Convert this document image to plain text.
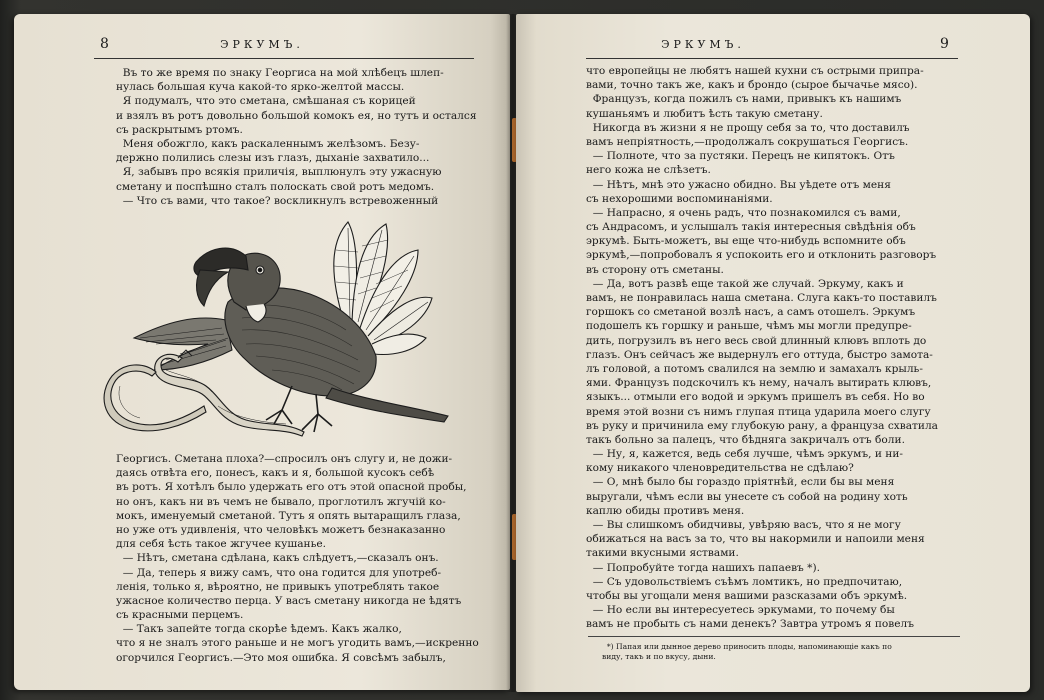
8	ЭРКУМЪ.
Въ то же время по знаку Георгиса на мой хлѣбецъ шлеп-
нулась большая куча какой-то ярко-желтой массы.
Я подумалъ, что это сметана, смѣшаная съ корицей
и взялъ въ ротъ довольно большой комокъ ея, но тутъ и остался
съ раскрытымъ ртомъ.
Меня обожгло, какъ раскаленнымъ желѣзомъ. Безу-
держно полились слезы изъ глазъ, дыханіе захватило...
Я, забывъ про всякія приличія, выплюнулъ эту ужасную
сметану и поспѣшно сталъ полоскать свой ротъ медомъ.
— Что съ вами, что такое? воскликнулъ встревоженный
Георгисъ. Сметана плоха?—спросилъ онъ слугу и, не дожи-
даясь отвѣта его, понесъ, какъ и я, большой кусокъ себѣ
въ ротъ. Я хотѣлъ было удержать его отъ этой опасной пробы,
но онъ, какъ ни въ чемъ не бывало, проглотилъ жгучій ко-
мокъ, именуемый сметаной. Тутъ я опять вытаращилъ глаза,
но уже отъ удивленія, что человѣкъ можетъ безнаказанно
для себя ѣсть такое жгучее кушанье.
— Нѣтъ, сметана сдѣлана, какъ слѣдуетъ,—сказалъ онъ.
— Да, теперь я вижу самъ, что она годится для употреб-
ленія, только я, вѣроятно, не привыкъ употреблять такое
ужасное количество перца. У васъ сметану никогда не ѣдятъ
съ красными перцемъ.
— Такъ запейте тогда скорѣе ѣдемъ. Какъ жалко,
что я не зналъ этого раньше и не могъ угодить вамъ,—искренно
огорчился Георгисъ.—Это моя ошибка. Я совсѣмъ забылъ,
ЭРКУМЪ.	9
что европейцы не любятъ нашей кухни съ острыми припра-
вами, точно такъ же, какъ и брондо (сырое бычачье мясо).
Французъ, когда пожилъ съ нами, привыкъ къ нашимъ
кушаньямъ и любитъ ѣсть такую сметану.
Никогда въ жизни я не прощу себя за то, что доставилъ
вамъ непріятность,—продолжалъ сокрушаться Георгисъ.
— Полноте, что за пустяки. Перецъ не кипятокъ. Отъ
него кожа не слѣзетъ.
— Нѣтъ, мнѣ это ужасно обидно. Вы уѣдете отъ меня
съ нехорошими воспоминаніями.
— Напрасно, я очень радъ, что познакомился съ вами,
съ Андрасомъ, и услышалъ такія интересныя свѣдѣнія объ
эркумѣ. Быть-можетъ, вы еще что-нибудь вспомните объ
эркумѣ,—попробовалъ я успокоить его и отклонить разговоръ
въ сторону отъ сметаны.
— Да, вотъ развѣ еще такой же случай. Эркуму, какъ и
вамъ, не понравилась наша сметана. Слуга какъ-то поставилъ
горшокъ со сметаной возлѣ насъ, а самъ отошелъ. Эркумъ
подошелъ къ горшку и раньше, чѣмъ мы могли предупре-
дить, погрузилъ въ него весь свой длинный клювъ вплоть до
глазъ. Онъ сейчасъ же выдернулъ его оттуда, быстро замота-
лъ головой, а потомъ свалился на землю и замахалъ крыль-
ями. Французъ подскочилъ къ нему, началъ вытирать клювъ,
языкъ... отмыли его водой и эркумъ пришелъ въ себя. Но во
время этой возни съ нимъ глупая птица ударила моего слугу
въ руку и причинила ему глубокую рану, а француза схватила
такъ больно за палецъ, что бѣдняга закричалъ отъ боли.
— Ну, я, кажется, ведь себя лучше, чѣмъ эркумъ, и ни-
кому никакого членовредительства не сдѣлаю?
— О, мнѣ было бы гораздо пріятнѣй, если бы вы меня
выругали, чѣмъ если вы унесете съ собой на родину хоть
каплю обиды противъ меня.
— Вы слишкомъ обидчивы, увѣряю васъ, что я не могу
обижаться на васъ за то, что вы накормили и напоили меня
такими вкусными яствами.
— Попробуйте тогда нашихъ папаевъ *).
— Съ удовольствіемъ съѣмъ ломтикъ, но предпочитаю,
чтобы вы угощали меня вашими разсказами объ эркумѣ.
— Но если вы интересуетесь эркумами, то почему бы
вамъ не пробыть съ нами денекъ? Завтра утромъ я повелъ
*) Папая или дынное дерево приносить плоды, напоминающіе какъ по
виду, такъ и по вкусу, дыни.
